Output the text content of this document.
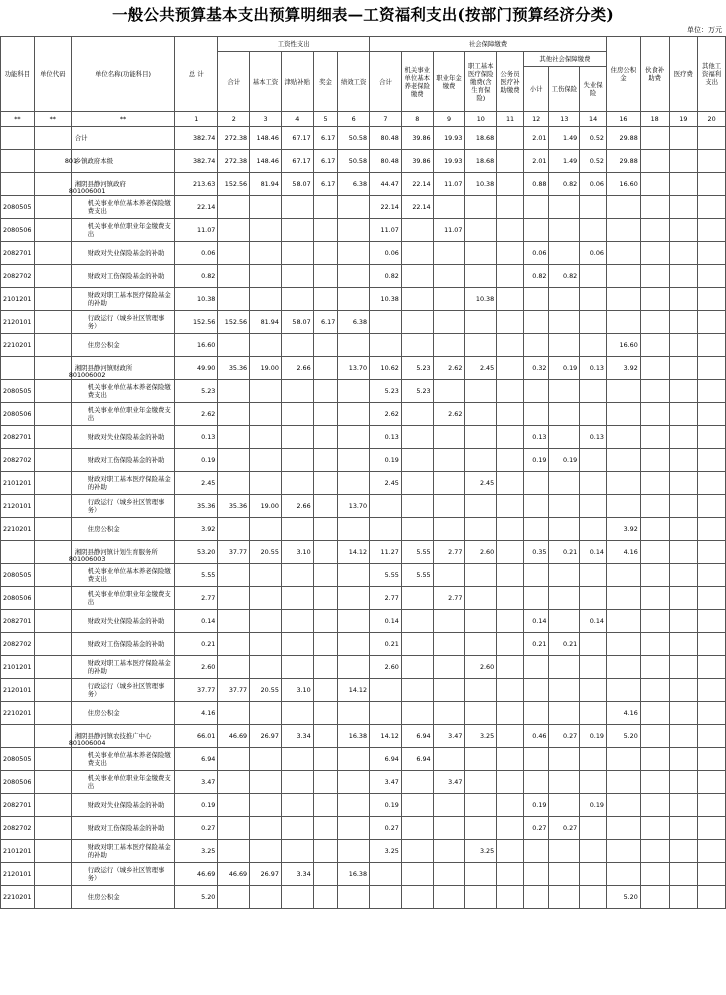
一般公共预算基本支出预算明细表—工资福利支出(按部门预算经济分类)
单位：万元
功能科目	单位代码	单位名称(功能科目)	总 计	工资性支出					社会保障缴费								住房公积金	伙食补助费	医疗费	其他工资福利支出
				合计	基本工资	津贴补贴	奖金	绩效工资	合计	机关事业单位基本养老保险缴费	职业年金缴费	职工基本医疗保险缴费(含生育保险)	公务员医疗补助缴费	其他社会保障缴费						
														小计	工伤保险	失业保险				
**	**	**	1	2	3	4	5	6	7	8	9	10	11	12	13	14	16	18	19	20
		合计	382.74	272.38	148.46	67.17	6.17	50.58	80.48	39.86	19.93	18.68		2.01	1.49	0.52	29.88			
	801	乡镇政府本级	382.74	272.38	148.46	67.17	6.17	50.58	80.48	39.86	19.93	18.68		2.01	1.49	0.52	29.88			
	801006001	湘阴县静河镇政府	213.63	152.56	81.94	58.07	6.17	6.38	44.47	22.14	11.07	10.38		0.88	0.82	0.06	16.60			
2080505		机关事业单位基本养老保险缴费支出	22.14						22.14	22.14										
2080506		机关事业单位职业年金缴费支出	11.07						11.07		11.07									
2082701		财政对失业保险基金的补助	0.06						0.06					0.06		0.06				
2082702		财政对工伤保险基金的补助	0.82						0.82					0.82	0.82					
2101201		财政对职工基本医疗保险基金的补助	10.38						10.38			10.38								
2120101		行政运行（城乡社区管理事务）	152.56	152.56	81.94	58.07	6.17	6.38												
2210201		住房公积金	16.60														16.60			
	801006002	湘阴县静河镇财政所	49.90	35.36	19.00	2.66		13.70	10.62	5.23	2.62	2.45		0.32	0.19	0.13	3.92			
2080505		机关事业单位基本养老保险缴费支出	5.23						5.23	5.23										
2080506		机关事业单位职业年金缴费支出	2.62						2.62		2.62									
2082701		财政对失业保险基金的补助	0.13						0.13					0.13		0.13				
2082702		财政对工伤保险基金的补助	0.19						0.19					0.19	0.19					
2101201		财政对职工基本医疗保险基金的补助	2.45						2.45			2.45								
2120101		行政运行（城乡社区管理事务）	35.36	35.36	19.00	2.66		13.70												
2210201		住房公积金	3.92														3.92			
	801006003	湘阴县静河镇计划生育服务所	53.20	37.77	20.55	3.10		14.12	11.27	5.55	2.77	2.60		0.35	0.21	0.14	4.16			
2080505		机关事业单位基本养老保险缴费支出	5.55						5.55	5.55										
2080506		机关事业单位职业年金缴费支出	2.77						2.77		2.77									
2082701		财政对失业保险基金的补助	0.14						0.14					0.14		0.14				
2082702		财政对工伤保险基金的补助	0.21						0.21					0.21	0.21					
2101201		财政对职工基本医疗保险基金的补助	2.60						2.60			2.60								
2120101		行政运行（城乡社区管理事务）	37.77	37.77	20.55	3.10		14.12												
2210201		住房公积金	4.16														4.16			
	801006004	湘阴县静河镇农技推广中心	66.01	46.69	26.97	3.34		16.38	14.12	6.94	3.47	3.25		0.46	0.27	0.19	5.20			
2080505		机关事业单位基本养老保险缴费支出	6.94						6.94	6.94										
2080506		机关事业单位职业年金缴费支出	3.47						3.47		3.47									
2082701		财政对失业保险基金的补助	0.19						0.19					0.19		0.19				
2082702		财政对工伤保险基金的补助	0.27						0.27					0.27	0.27					
2101201		财政对职工基本医疗保险基金的补助	3.25						3.25			3.25								
2120101		行政运行（城乡社区管理事务）	46.69	46.69	26.97	3.34		16.38												
2210201		住房公积金	5.20														5.20			
